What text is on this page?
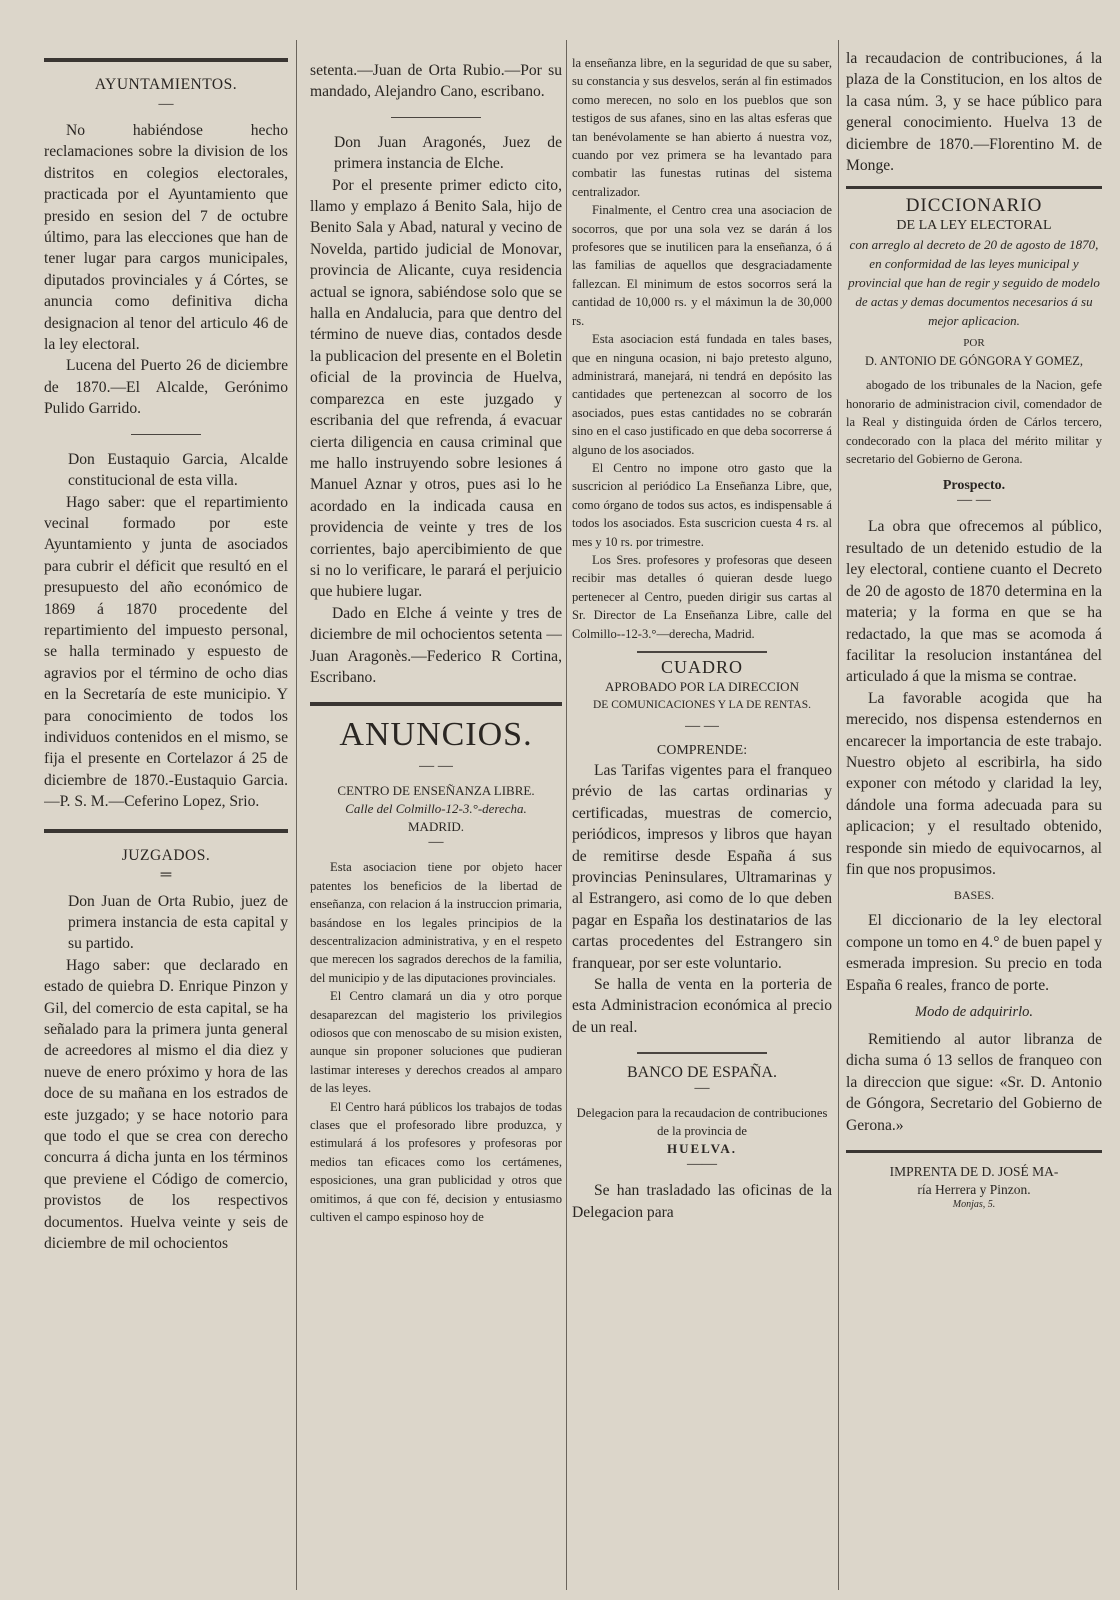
AYUNTAMIENTOS.
—

No habiéndose hecho reclamaciones sobre la division de los distritos en colegios electorales, practicada por el Ayuntamiento que presido en sesion del 7 de octubre último, para las elecciones que han de tener lugar para cargos municipales, diputados provinciales y á Córtes, se anuncia como definitiva dicha designacion al tenor del articulo 46 de la ley electoral.

Lucena del Puerto 26 de diciembre de 1870.—El Alcalde, Gerónimo Pulido Garrido.

Don Eustaquio Garcia, Alcalde constitucional de esta villa.

Hago saber: que el repartimiento vecinal formado por este Ayuntamiento y junta de asociados para cubrir el déficit que resultó en el presupuesto del año económico de 1869 á 1870 procedente del repartimiento del impuesto personal, se halla terminado y espuesto de agravios por el término de ocho dias en la Secretaría de este municipio. Y para conocimiento de todos los individuos contenidos en el mismo, se fija el presente en Cortelazor á 25 de diciembre de 1870.-Eustaquio Garcia.—P. S. M.—Ceferino Lopez, Srio.

JUZGADOS.
═

Don Juan de Orta Rubio, juez de primera instancia de esta capital y su partido.

Hago saber: que declarado en estado de quiebra D. Enrique Pinzon y Gil, del comercio de esta capital, se ha señalado para la primera junta general de acreedores al mismo el dia diez y nueve de enero próximo y hora de las doce de su mañana en los estrados de este juzgado; y se hace notorio para que todo el que se crea con derecho concurra á dicha junta en los términos que previene el Código de comercio, provistos de los respectivos documentos. Huelva veinte y seis de diciembre de mil ochocientos

setenta.—Juan de Orta Rubio.—Por su mandado, Alejandro Cano, escribano.

Don Juan Aragonés, Juez de primera instancia de Elche.

Por el presente primer edicto cito, llamo y emplazo á Benito Sala, hijo de Benito Sala y Abad, natural y vecino de Novelda, partido judicial de Monovar, provincia de Alicante, cuya residencia actual se ignora, sabiéndose solo que se halla en Andalucia, para que dentro del término de nueve dias, contados desde la publicacion del presente en el Boletin oficial de la provincia de Huelva, comparezca en este juzgado y escribania del que refrenda, á evacuar cierta diligencia en causa criminal que me hallo instruyendo sobre lesiones á Manuel Aznar y otros, pues asi lo he acordado en la indicada causa en providencia de veinte y tres de los corrientes, bajo apercibimiento de que si no lo verificare, le parará el perjuicio que hubiere lugar.

Dado en Elche á veinte y tres de diciembre de mil ochocientos setenta —Juan Aragonès.—Federico R Cortina, Escribano.

ANUNCIOS.
— —
CENTRO DE ENSEÑANZA LIBRE.
Calle del Colmillo-12-3.°-derecha.
MADRID.
—

Esta asociacion tiene por objeto hacer patentes los beneficios de la libertad de enseñanza, con relacion á la instruccion primaria, basándose en los legales principios de la descentralizacion administrativa, y en el respeto que merecen los sagrados derechos de la familia, del municipio y de las diputaciones provinciales.

El Centro clamará un dia y otro porque desaparezcan del magisterio los privilegios odiosos que con menoscabo de su mision existen, aunque sin proponer soluciones que pudieran lastimar intereses y derechos creados al amparo de las leyes.

El Centro hará públicos los trabajos de todas clases que el profesorado libre produzca, y estimulará á los profesores y profesoras por medios tan eficaces como los certámenes, esposiciones, una gran publicidad y otros que omitimos, á que con fé, decision y entusiasmo cultiven el campo espinoso hoy de

la enseñanza libre, en la seguridad de que su saber, su constancia y sus desvelos, serán al fin estimados como merecen, no solo en los pueblos que son testigos de sus afanes, sino en las altas esferas que tan benévolamente se han abierto á nuestra voz, cuando por vez primera se ha levantado para combatir las funestas rutinas del sistema centralizador.

Finalmente, el Centro crea una asociacion de socorros, que por una sola vez se darán á los profesores que se inutilicen para la enseñanza, ó á las familias de aquellos que desgraciadamente fallezcan. El minimum de estos socorros será la cantidad de 10,000 rs. y el máximun la de 30,000 rs.

Esta asociacion está fundada en tales bases, que en ninguna ocasion, ni bajo pretesto alguno, administrará, manejará, ni tendrá en depósito las cantidades que pertenezcan al socorro de los asociados, pues estas cantidades no se cobrarán sino en el caso justificado en que deba socorrerse á alguno de los asociados.

El Centro no impone otro gasto que la suscricion al periódico La Enseñanza Libre, que, como órgano de todos sus actos, es indispensable á todos los asociados. Esta suscricion cuesta 4 rs. al mes y 10 rs. por trimestre.

Los Sres. profesores y profesoras que deseen recibir mas detalles ó quieran desde luego pertenecer al Centro, pueden dirigir sus cartas al Sr. Director de La Enseñanza Libre, calle del Colmillo--12-3.°—derecha, Madrid.

CUADRO
APROBADO POR LA DIRECCION
DE COMUNICACIONES Y LA DE RENTAS.
— —
COMPRENDE:

Las Tarifas vigentes para el franqueo prévio de las cartas ordinarias y certificadas, muestras de comercio, periódicos, impresos y libros que hayan de remitirse desde España á sus provincias Peninsulares, Ultramarinas y al Estrangero, asi como de lo que deben pagar en España los destinatarios de las cartas procedentes del Estrangero sin franquear, por ser este voluntario.

Se halla de venta en la porteria de esta Administracion económica al precio de un real.

BANCO DE ESPAÑA.
—
Delegacion para la recaudacion de contribuciones de la provincia de
HUELVA.
——

Se han trasladado las oficinas de la Delegacion para

la recaudacion de contribuciones, á la plaza de la Constitucion, en los altos de la casa núm. 3, y se hace público para general conocimiento. Huelva 13 de diciembre de 1870.—Florentino M. de Monge.

DICCIONARIO
DE LA LEY ELECTORAL

con arreglo al decreto de 20 de agosto de 1870, en conformidad de las leyes municipal y provincial que han de regir y seguido de modelo de actas y demas documentos necesarios á su mejor aplicacion.

POR
D. ANTONIO DE GÓNGORA Y GOMEZ,

abogado de los tribunales de la Nacion, gefe honorario de administracion civil, comendador de la Real y distinguida órden de Cárlos tercero, condecorado con la placa del mérito militar y secretario del Gobierno de Gerona.

Prospecto.
— —

La obra que ofrecemos al público, resultado de un detenido estudio de la ley electoral, contiene cuanto el Decreto de 20 de agosto de 1870 determina en la materia; y la forma en que se ha redactado, la que mas se acomoda á facilitar la resolucion instantánea del articulado á que la misma se contrae.

La favorable acogida que ha merecido, nos dispensa estendernos en encarecer la importancia de este trabajo. Nuestro objeto al escribirla, ha sido exponer con método y claridad la ley, dándole una forma adecuada para su aplicacion; y el resultado obtenido, responde sin miedo de equivocarnos, al fin que nos propusimos.

BASES.

El diccionario de la ley electoral compone un tomo en 4.° de buen papel y esmerada impresion. Su precio en toda España 6 reales, franco de porte.

Modo de adquirirlo.

Remitiendo al autor libranza de dicha suma ó 13 sellos de franqueo con la direccion que sigue: «Sr. D. Antonio de Góngora, Secretario del Gobierno de Gerona.»

IMPRENTA DE D. JOSÉ MA-
ría Herrera y Pinzon.
Monjas, 5.
